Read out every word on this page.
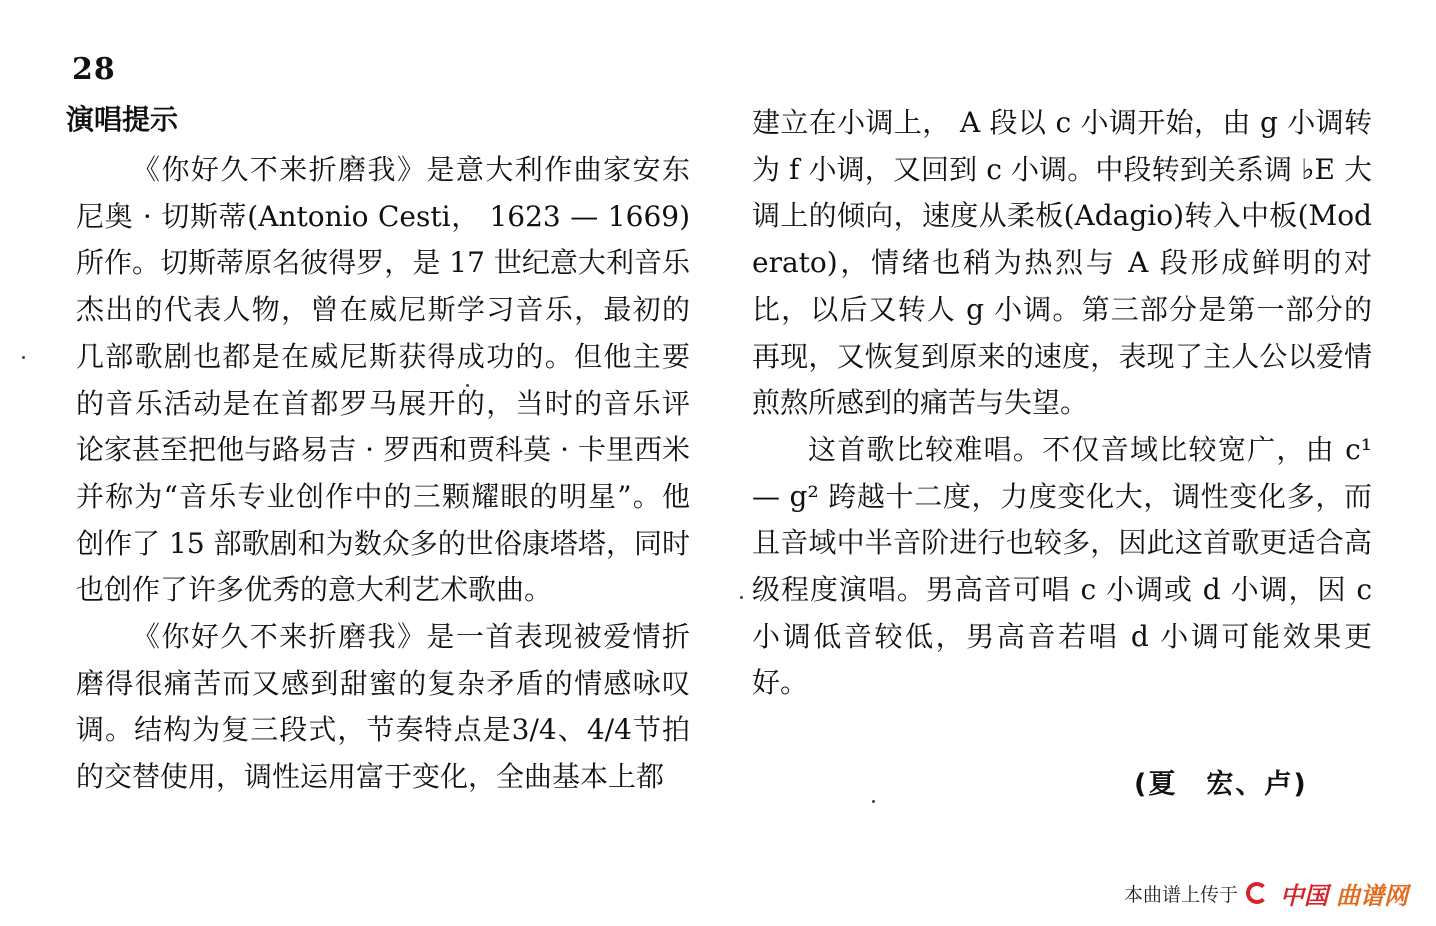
28
演唱提示

《你好久不来折磨我》是意大利作曲家安东尼奥 · 切斯蒂(Antonio Cesti， 1623 — 1669)所作。切斯蒂原名彼得罗，是 17 世纪意大利音乐杰出的代表人物，曾在威尼斯学习音乐，最初的几部歌剧也都是在威尼斯获得成功的。但他主要的音乐活动是在首都罗马展开的，当时的音乐评论家甚至把他与路易吉 · 罗西和贾科莫 · 卡里西米并称为“音乐专业创作中的三颗耀眼的明星”。他创作了 15 部歌剧和为数众多的世俗康塔塔，同时也创作了许多优秀的意大利艺术歌曲。

《你好久不来折磨我》是一首表现被爱情折磨得很痛苦而又感到甜蜜的复杂矛盾的情感咏叹调。结构为复三段式，节奏特点是3/4、4/4节拍的交替使用，调性运用富于变化，全曲基本上都

建立在小调上， A 段以 c 小调开始，由 g 小调转为 f 小调，又回到 c 小调。中段转到关系调 ♭E 大调上的倾向，速度从柔板(Adagio)转入中板(Moderato)，情绪也稍为热烈与 A 段形成鲜明的对比，以后又转人 g 小调。第三部分是第一部分的再现，又恢复到原来的速度，表现了主人公以爱情煎熬所感到的痛苦与失望。

这首歌比较难唱。不仅音域比较宽广，由 c¹ — g² 跨越十二度，力度变化大，调性变化多，而且音域中半音阶进行也较多，因此这首歌更适合高级程度演唱。男高音可唱 c 小调或 d 小调，因 c 小调低音较低，男高音若唱 d 小调可能效果更好。

(夏　宏、卢)
本曲谱上传于 中国 曲谱网
